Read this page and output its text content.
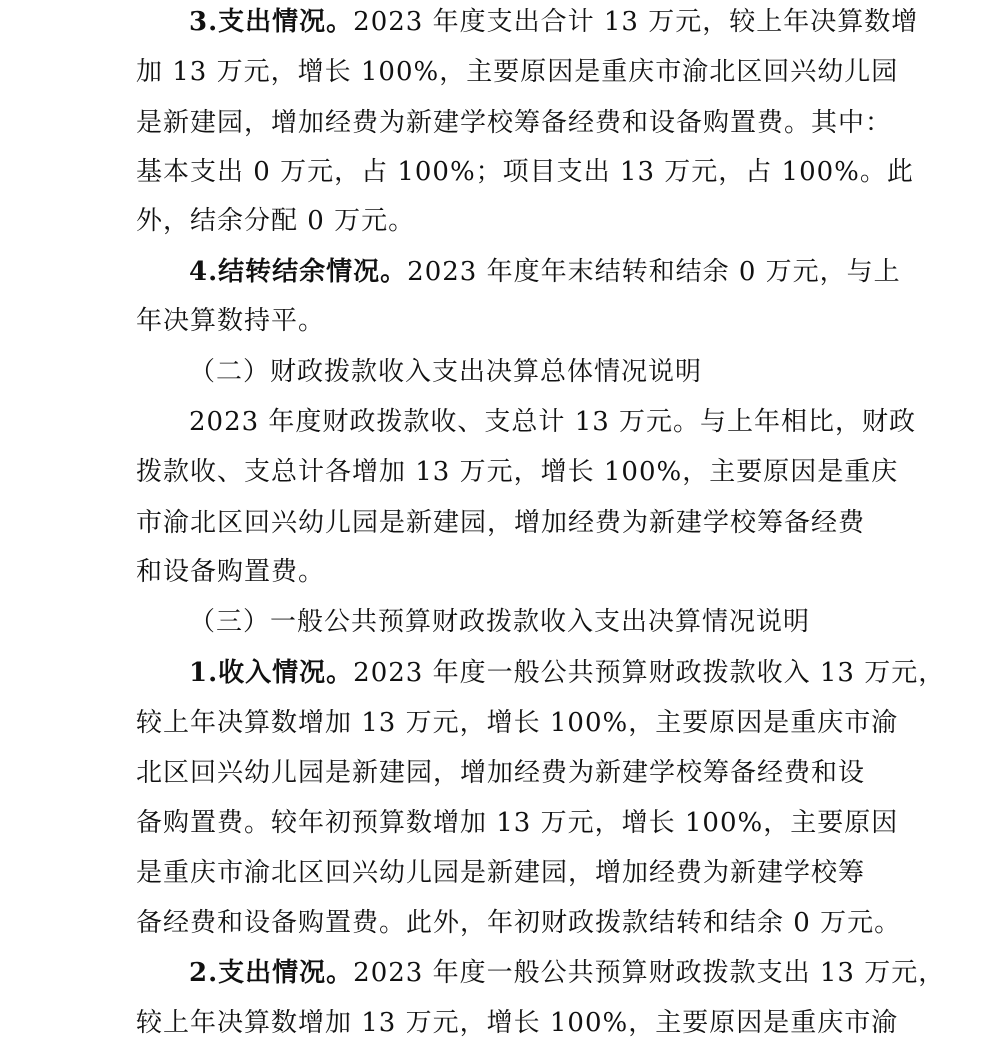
3.支出情况。2023 年度支出合计 13 万元，较上年决算数增
加 13 万元，增长 100%，主要原因是重庆市渝北区回兴幼儿园
是新建园，增加经费为新建学校筹备经费和设备购置费。其中：
基本支出 0 万元，占 100%；项目支出 13 万元，占 100%。此
外，结余分配 0 万元。
4.结转结余情况。2023 年度年末结转和结余 0 万元，与上
年决算数持平。
（二）财政拨款收入支出决算总体情况说明
2023 年度财政拨款收、支总计 13 万元。与上年相比，财政
拨款收、支总计各增加 13 万元，增长 100%，主要原因是重庆
市渝北区回兴幼儿园是新建园，增加经费为新建学校筹备经费
和设备购置费。
（三）一般公共预算财政拨款收入支出决算情况说明
1.收入情况。2023 年度一般公共预算财政拨款收入 13 万元，
较上年决算数增加 13 万元，增长 100%，主要原因是重庆市渝
北区回兴幼儿园是新建园，增加经费为新建学校筹备经费和设
备购置费。较年初预算数增加 13 万元，增长 100%，主要原因
是重庆市渝北区回兴幼儿园是新建园，增加经费为新建学校筹
备经费和设备购置费。此外，年初财政拨款结转和结余 0 万元。
2.支出情况。2023 年度一般公共预算财政拨款支出 13 万元，
较上年决算数增加 13 万元，增长 100%，主要原因是重庆市渝
